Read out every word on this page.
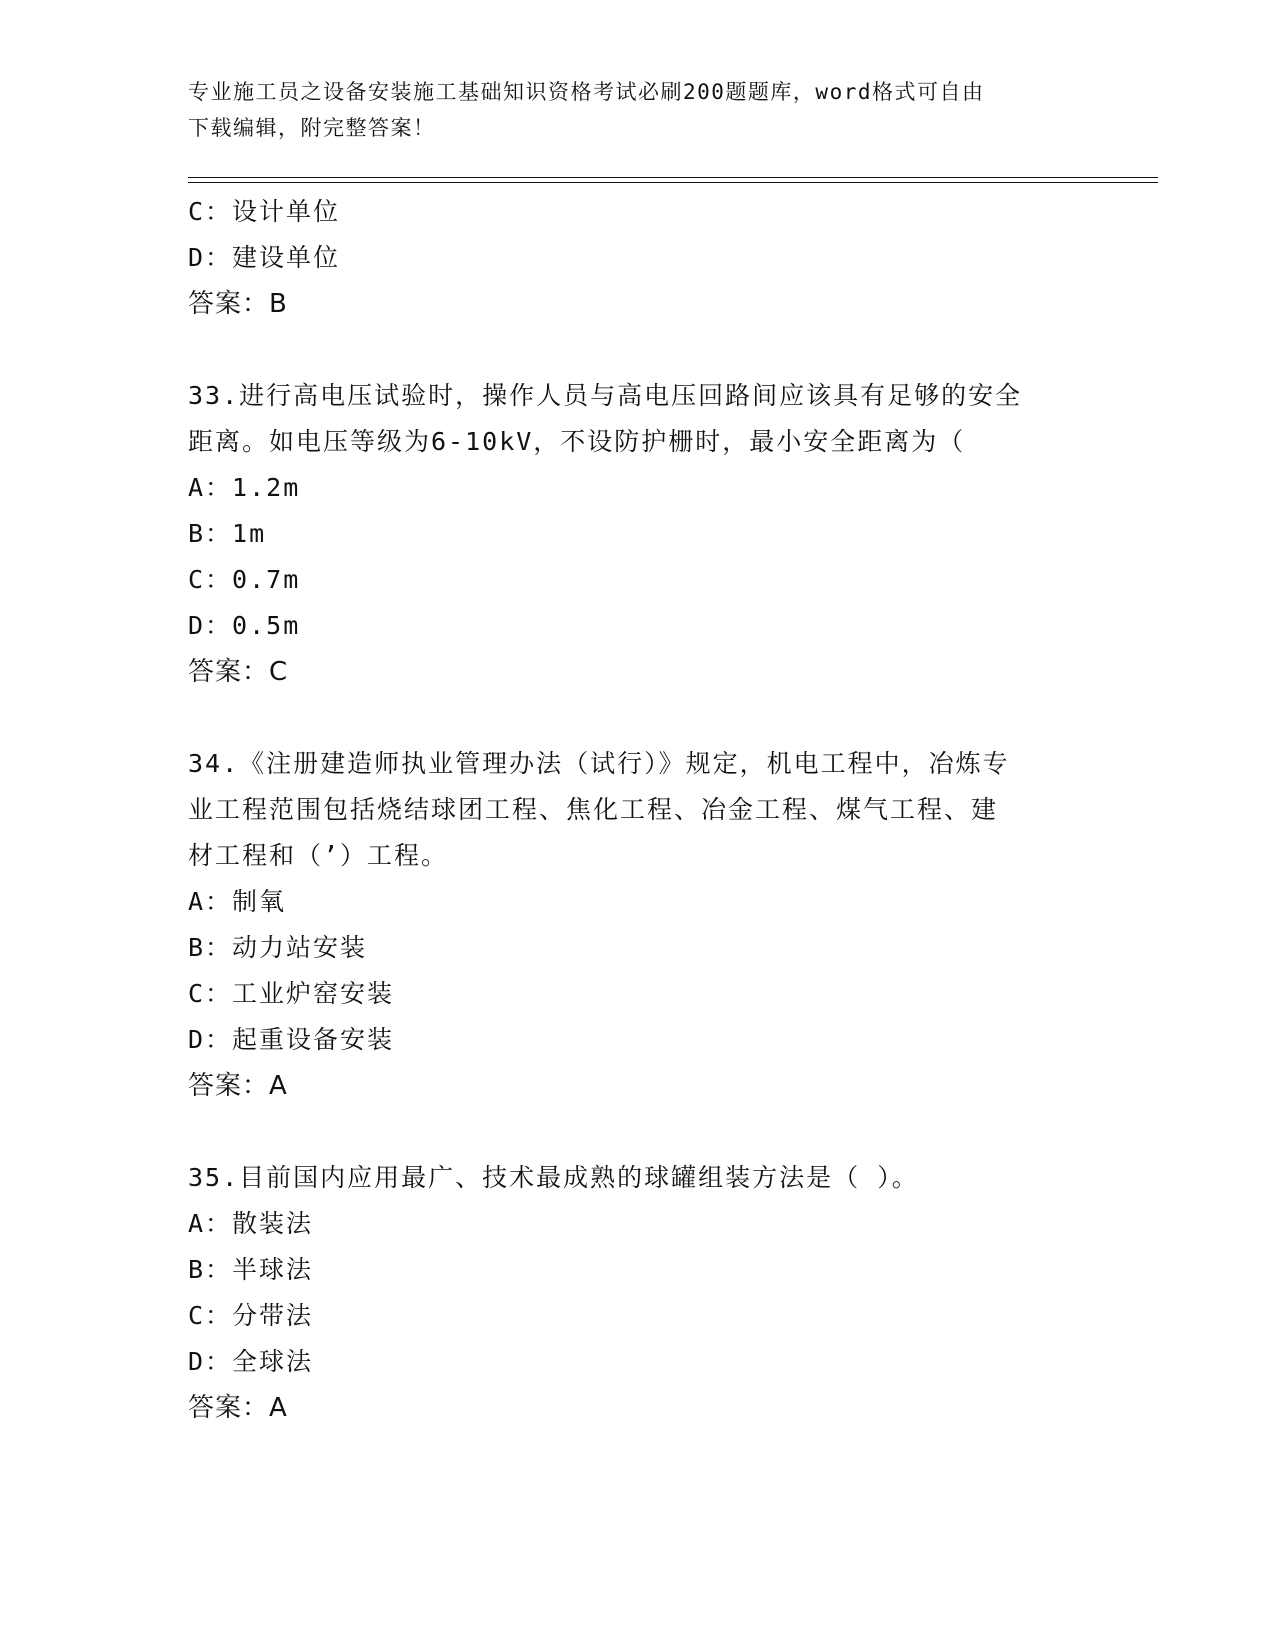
专业施工员之设备安装施工基础知识资格考试必刷200题题库，word格式可自由
下载编辑，附完整答案！
C：设计单位
D：建设单位
答案：B
33.进行高电压试验时，操作人员与高电压回路间应该具有足够的安全
距离。如电压等级为6-10kV，不设防护栅时，最小安全距离为（
A：1.2m
B：1m
C：0.7m
D：0.5m
答案：C
34.《注册建造师执业管理办法（试行）》规定，机电工程中，冶炼专
业工程范围包括烧结球团工程、焦化工程、冶金工程、煤气工程、建
材工程和（’）工程。
A：制氧
B：动力站安装
C：工业炉窑安装
D：起重设备安装
答案：A
35.目前国内应用最广、技术最成熟的球罐组装方法是（ ）。
A：散装法
B：半球法
C：分带法
D：全球法
答案：A
